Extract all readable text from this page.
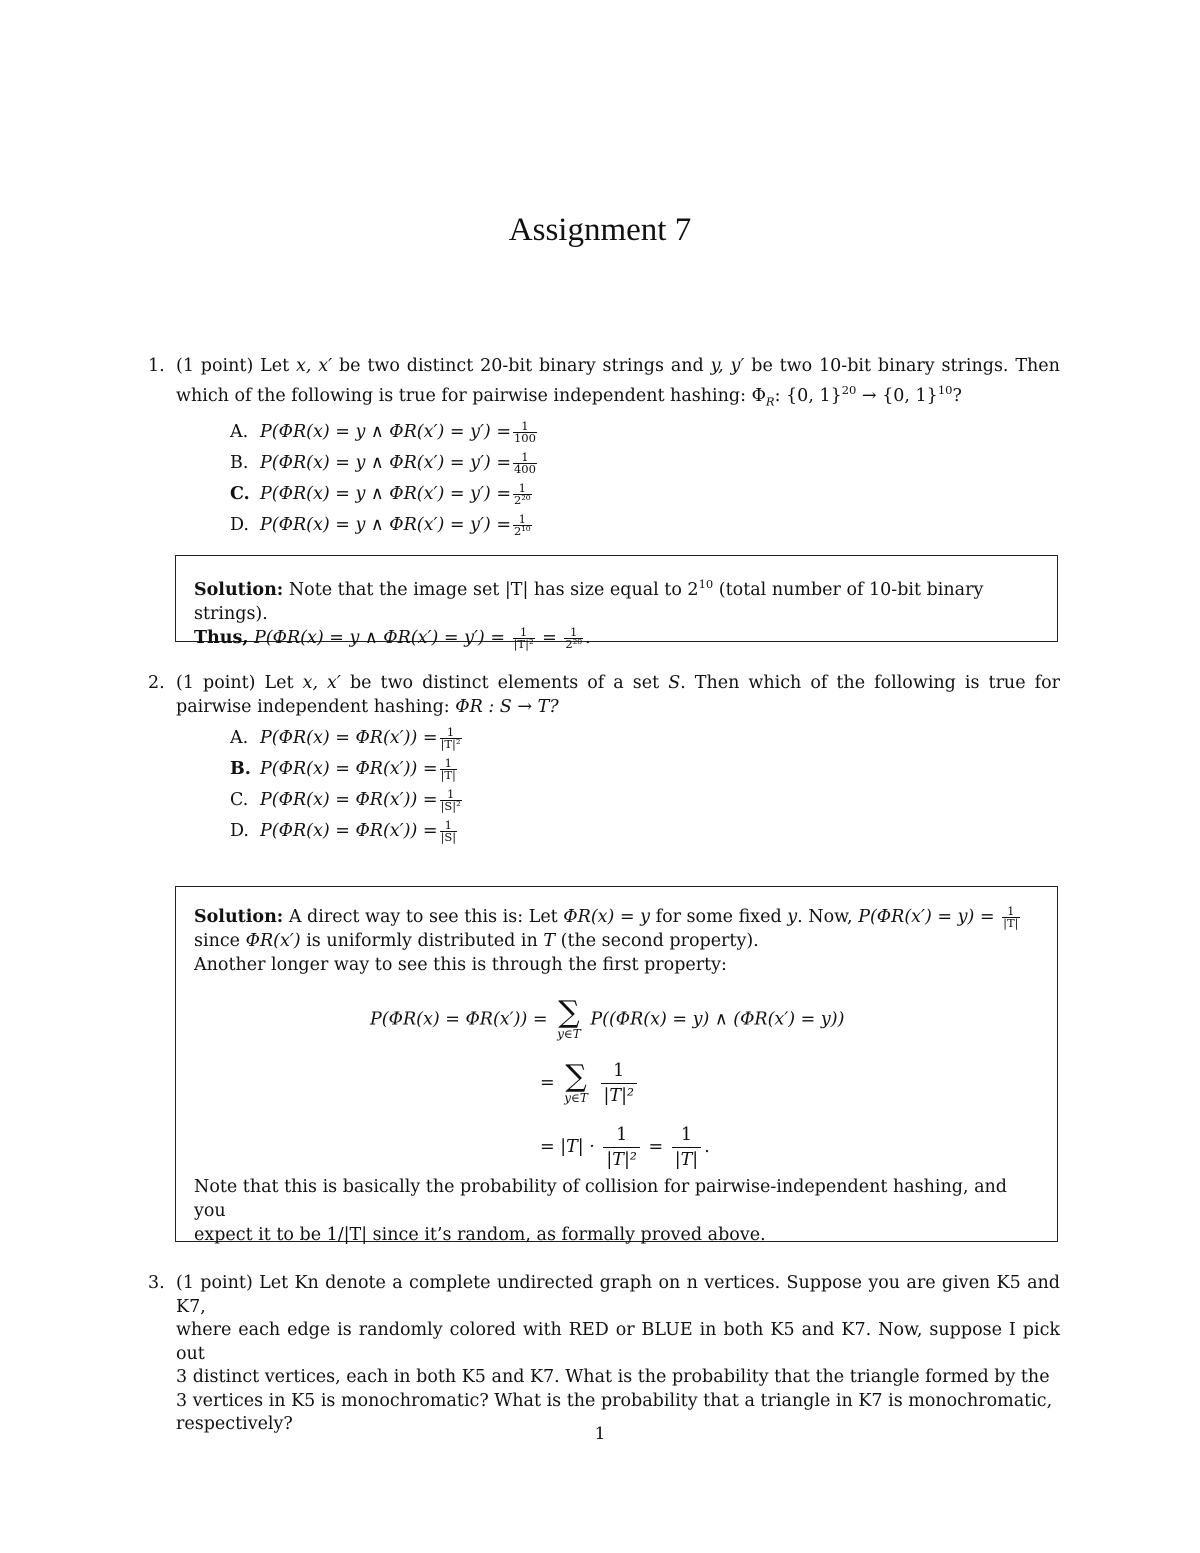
Assignment 7
1. (1 point) Let x, x′ be two distinct 20-bit binary strings and y, y′ be two 10-bit binary strings. Then which of the following is true for pairwise independent hashing: $\Phi_R$: {0, 1}$^{20}$ → {0, 1}$^{10}$?
A. P(ΦR(x) = y ∧ $\Phi R(x') = y') = \frac{1}{100}$
B. P(ΦR(x) = y ∧ $\Phi R(x') = y') = \frac{1}{400}$
C. P(ΦR(x) = y ∧ $\Phi R(x') = y') = \frac{1}{\text{2²⁰}}$
D. P(ΦR(x) = y ∧ $\Phi R(x') = y') = \frac{1}{\text{2¹⁰}}$
Solution: Note that the image set |T| has size equal to $2^{10}$ (total number of 10-bit binary strings).
Thus, P(ΦR(x) = y ∧ $\Phi R(x') = y') = \frac{1}{\text{|T|²}} = \frac{1}{\text{2²⁰}}$ .
2. (1 point) Let x, x′ be two distinct elements of a set S. Then which of the following is true for pairwise independent hashing: ΦR : S → T?
A. $P(\Phi R(x) = \Phi R(x')) = \frac{1}{\text{|T|²}}$
B. $P(\Phi R(x) = \Phi R(x')) = \frac{1}{|T|}$
C. $P(\Phi R(x) = \Phi R(x')) = \frac{1}{\text{|S|²}}$
D. $P(\Phi R(x) = \Phi R(x')) = \frac{1}{|S|}$
Solution: A direct way to see this is: Let ΦR(x) = y for some fixed y. Now, $P(\Phi R(x') = y) = \frac{1}{|T|}$
since ΦR(x′) is uniformly distributed in T (the second property).
Another longer way to see this is through the first property:
P(ΦR(x) = ΦR(x′)) = ∑
y∈T
P((ΦR(x) = y) ∧ (ΦR(x′) = y))
= ∑
y∈T
$\frac{1}{\text{|T|²}}$
= $|T| \cdot \frac{1}{\text{|T|²}} = \frac{1}{|T|}$ .
Note that this is basically the probability of collision for pairwise-independent hashing, and you
expect it to be 1/|T| since it’s random, as formally proved above.
3. (1 point) Let Kn denote a complete undirected graph on n vertices. Suppose you are given K5 and K7,
where each edge is randomly colored with RED or BLUE in both K5 and K7. Now, suppose I pick out
3 distinct vertices, each in both K5 and K7. What is the probability that the triangle formed by the
3 vertices in K5 is monochromatic? What is the probability that a triangle in K7 is monochromatic,
respectively?	1
